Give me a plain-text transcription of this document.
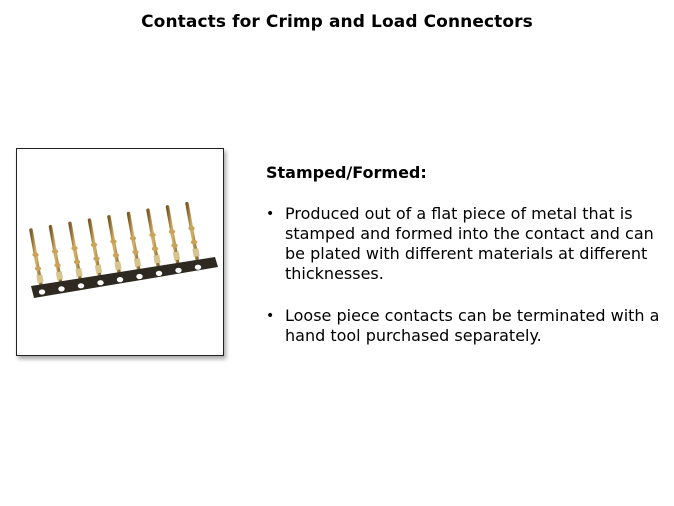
Contacts for Crimp and Load Connectors
Stamped/Formed:
• Produced out of a flat piece of metal that is stamped and formed into the contact and can be plated with different materials at different thicknesses.
• Loose piece contacts can be terminated with a hand tool purchased separately.
